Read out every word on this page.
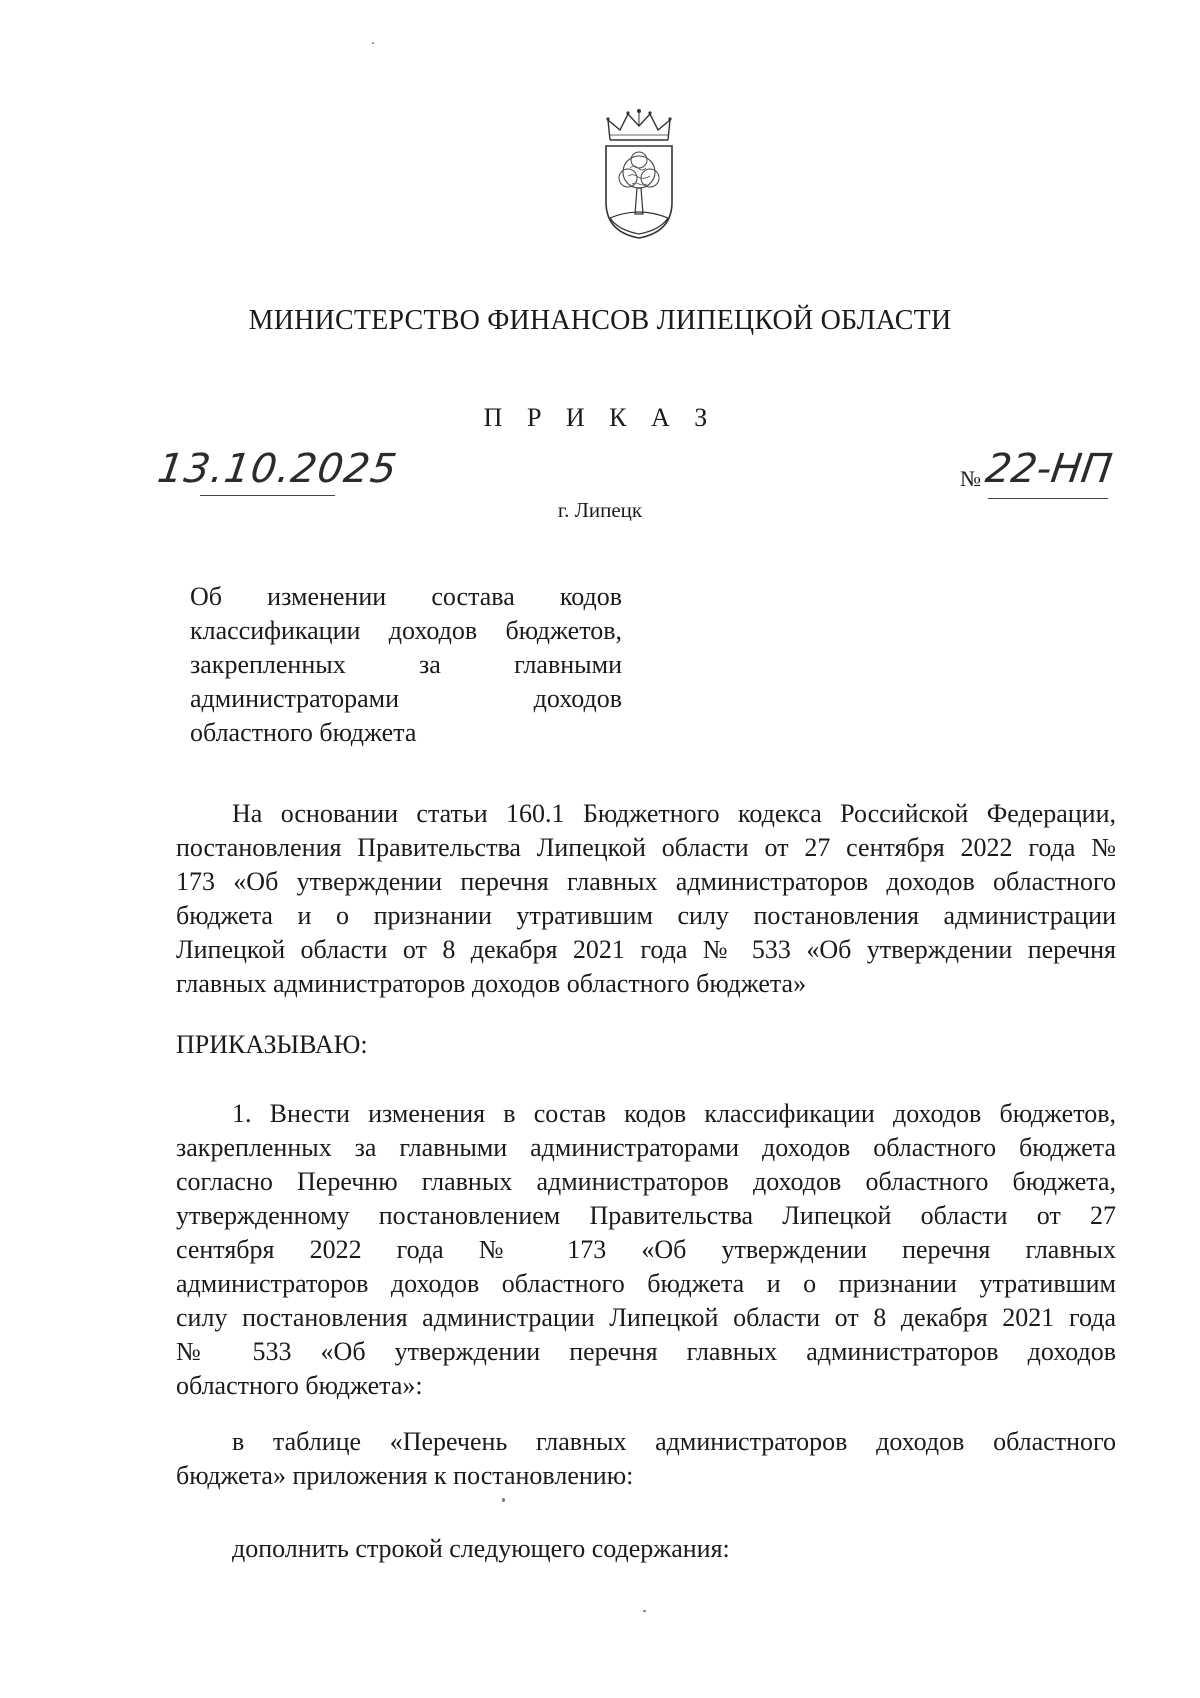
МИНИСТЕРСТВО ФИНАНСОВ ЛИПЕЦКОЙ ОБЛАСТИ
П Р И К А З
13.10.2025	№ 22-НП
г. Липецк
Об изменении состава кодов
классификации доходов бюджетов,
закрепленных за главными
администраторами доходов
областного бюджета
На основании статьи 160.1 Бюджетного кодекса Российской Федерации,
постановления Правительства Липецкой области от 27 сентября 2022 года №
173 «Об утверждении перечня главных администраторов доходов областного
бюджета и о признании утратившим силу постановления администрации
Липецкой области от 8 декабря 2021 года № 533 «Об утверждении перечня
главных администраторов доходов областного бюджета»
ПРИКАЗЫВАЮ:
1. Внести изменения в состав кодов классификации доходов бюджетов,
закрепленных за главными администраторами доходов областного бюджета
согласно Перечню главных администраторов доходов областного бюджета,
утвержденному постановлением Правительства Липецкой области от 27
сентября 2022 года № 173 «Об утверждении перечня главных
администраторов доходов областного бюджета и о признании утратившим
силу постановления администрации Липецкой области от 8 декабря 2021 года
№ 533 «Об утверждении перечня главных администраторов доходов
областного бюджета»:
в таблице «Перечень главных администраторов доходов областного
бюджета» приложения к постановлению:
дополнить строкой следующего содержания:
